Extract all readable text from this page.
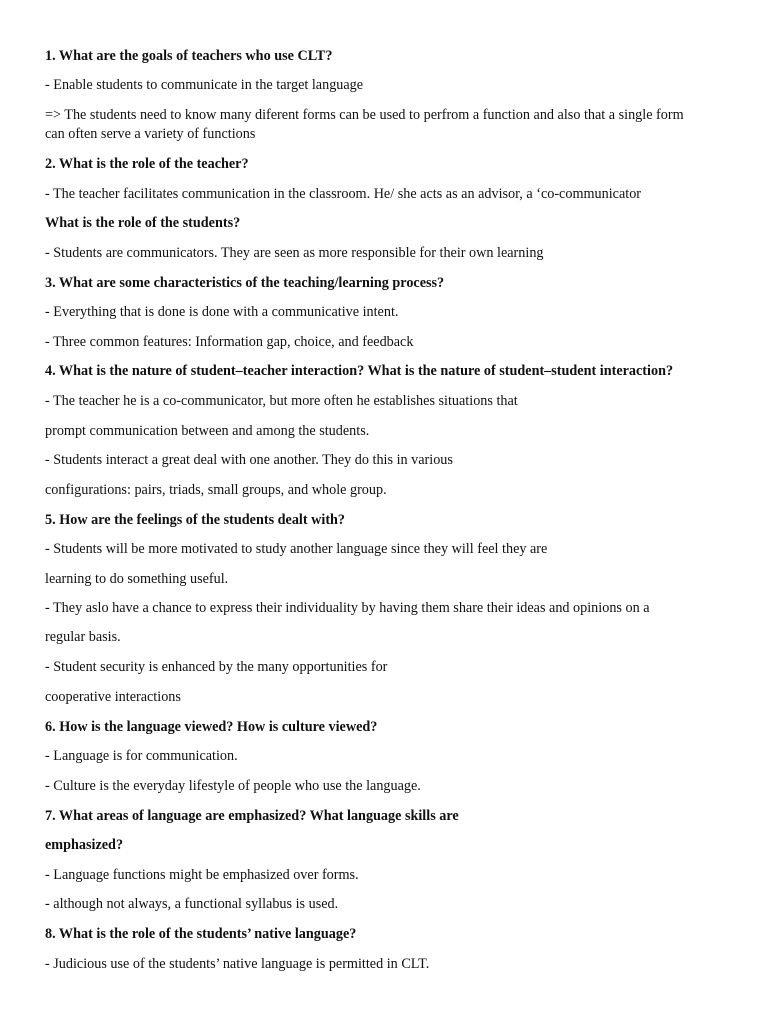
1. What are the goals of teachers who use CLT?

- Enable students to communicate in the target language

=> The students need to know many diferent forms can be used to perfrom a function and also that a single form can often serve a variety of functions

2. What is the role of the teacher?

- The teacher facilitates communication in the classroom. He/ she acts as an advisor, a ‘co-communicator

What is the role of the students?

- Students are communicators. They are seen as more responsible for their own learning

3. What are some characteristics of the teaching/learning process?

- Everything that is done is done with a communicative intent.

- Three common features: Information gap, choice, and feedback

4. What is the nature of student–teacher interaction? What is the nature of student–student interaction?

- The teacher he is a co-communicator, but more often he establishes situations that

prompt communication between and among the students.

- Students interact a great deal with one another. They do this in various

configurations: pairs, triads, small groups, and whole group.

5. How are the feelings of the students dealt with?

- Students will be more motivated to study another language since they will feel they are

learning to do something useful.

- They aslo have a chance to express their individuality by having them share their ideas and opinions on a

regular basis.

- Student security is enhanced by the many opportunities for

cooperative interactions

6. How is the language viewed? How is culture viewed?

- Language is for communication.

- Culture is the everyday lifestyle of people who use the language.

7. What areas of language are emphasized? What language skills are

emphasized?

- Language functions might be emphasized over forms.

- although not always, a functional syllabus is used.

8. What is the role of the students’ native language?

- Judicious use of the students’ native language is permitted in CLT.
